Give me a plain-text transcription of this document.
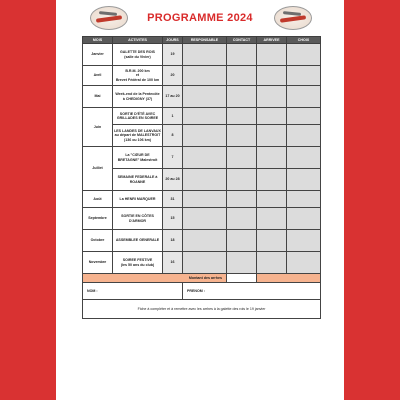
PROGRAMME 2024
MOIS	ACTIVITES	JOURS	RESPONSABLE	CONTACT	ARRIVEE	CHOIX
Janvier	GALETTE DES ROIS
(salle du Vivier)	19				
Avril	B.R.M. 200 km
et
Brevet Fédéral de 100 km	20				
Mai	Week-end de la Pentecôte
à CHEDIGNY (37)	17 au 20				
Juin	SORTIE D'ÉTÉ AVEC
GRILLADES EN SOIREE	1				
	LES LANDES DE LANVAUX
au départ de MALESTROIT
(136 ou 106 km)	8				
Juillet	La "CŒUR DE
BRETAGNE" Malestroit	7				
	SEMAINE FEDERALE à
ROANNE	20 au 28				
Août	La HENRI MARQUER	31				
Septembre	SORTIE EN CÔTES
D'ARMOR	15				
Octobre	ASSEMBLEE GENERALE	18				
Novembre	SOIREE FESTIVE
(les 50 ans du club)	16				
Montant des arrhes						
NOM :			PRENOM :			
Fiche à compléter et à remettre avec les arrhes à la galette des rois le 19 janvier						
